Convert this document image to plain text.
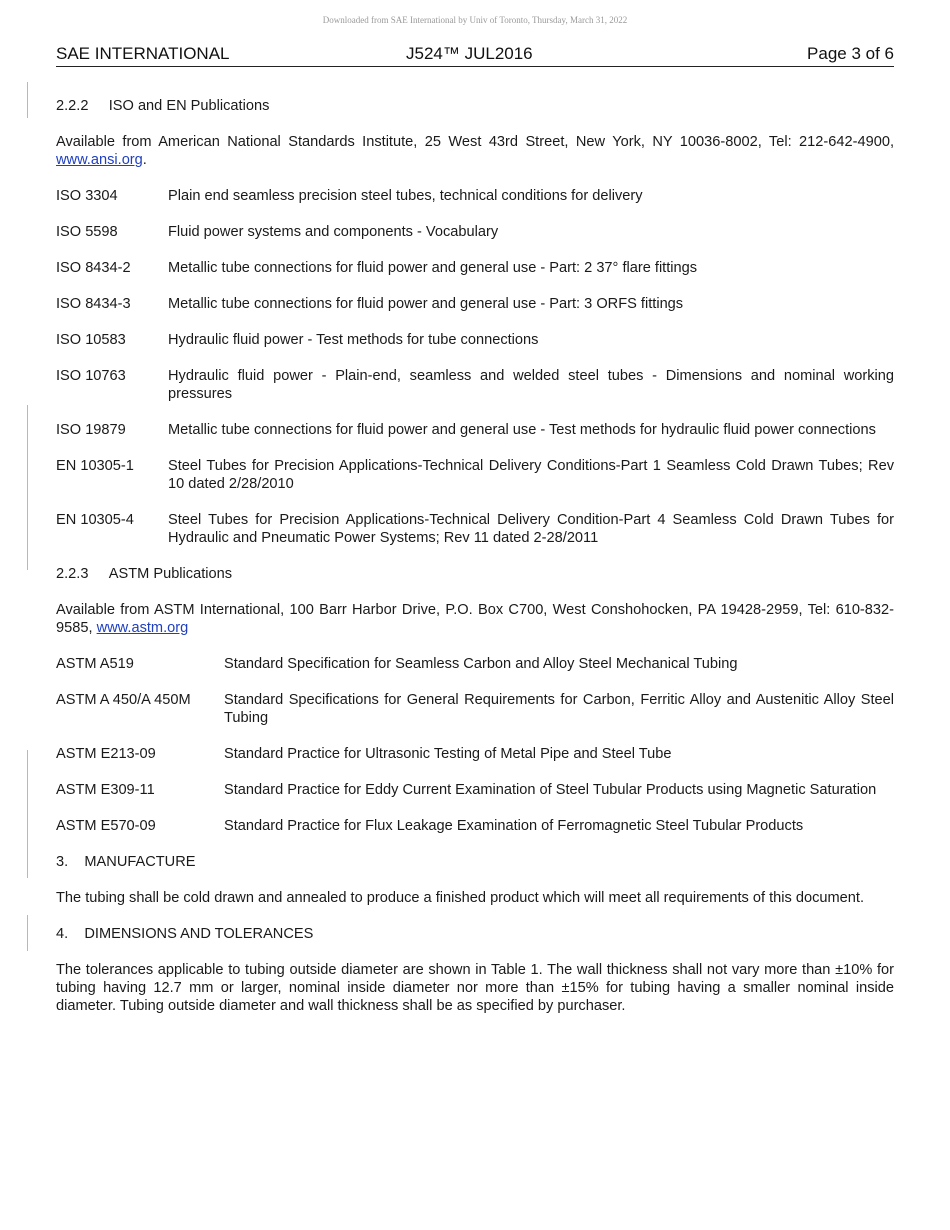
Downloaded from SAE International by Univ of Toronto, Thursday, March 31, 2022
SAE INTERNATIONAL	J524™ JUL2016	Page 3 of 6

2.2.2 ISO and EN Publications

Available from American National Standards Institute, 25 West 43rd Street, New York, NY 10036-8002, Tel: 212-642-4900, www.ansi.org.

ISO 3304	Plain end seamless precision steel tubes, technical conditions for delivery
ISO 5598	Fluid power systems and components - Vocabulary
ISO 8434-2	Metallic tube connections for fluid power and general use - Part: 2 37° flare fittings
ISO 8434-3	Metallic tube connections for fluid power and general use - Part: 3 ORFS fittings
ISO 10583	Hydraulic fluid power - Test methods for tube connections
ISO 10763	Hydraulic fluid power - Plain-end, seamless and welded steel tubes - Dimensions and nominal working pressures
ISO 19879	Metallic tube connections for fluid power and general use - Test methods for hydraulic fluid power connections
EN 10305-1	Steel Tubes for Precision Applications-Technical Delivery Conditions-Part 1 Seamless Cold Drawn Tubes; Rev 10 dated 2/28/2010
EN 10305-4	Steel Tubes for Precision Applications-Technical Delivery Condition-Part 4 Seamless Cold Drawn Tubes for Hydraulic and Pneumatic Power Systems; Rev 11 dated 2-28/2011

2.2.3 ASTM Publications

Available from ASTM International, 100 Barr Harbor Drive, P.O. Box C700, West Conshohocken, PA 19428-2959, Tel: 610-832-9585, www.astm.org

ASTM A519	Standard Specification for Seamless Carbon and Alloy Steel Mechanical Tubing
ASTM A 450/A 450M	Standard Specifications for General Requirements for Carbon, Ferritic Alloy and Austenitic Alloy Steel Tubing
ASTM E213-09	Standard Practice for Ultrasonic Testing of Metal Pipe and Steel Tube
ASTM E309-11	Standard Practice for Eddy Current Examination of Steel Tubular Products using Magnetic Saturation
ASTM E570-09	Standard Practice for Flux Leakage Examination of Ferromagnetic Steel Tubular Products

3. MANUFACTURE

The tubing shall be cold drawn and annealed to produce a finished product which will meet all requirements of this document.

4. DIMENSIONS AND TOLERANCES

The tolerances applicable to tubing outside diameter are shown in Table 1. The wall thickness shall not vary more than ±10% for tubing having 12.7 mm or larger, nominal inside diameter nor more than ±15% for tubing having a smaller nominal inside diameter. Tubing outside diameter and wall thickness shall be as specified by purchaser.
